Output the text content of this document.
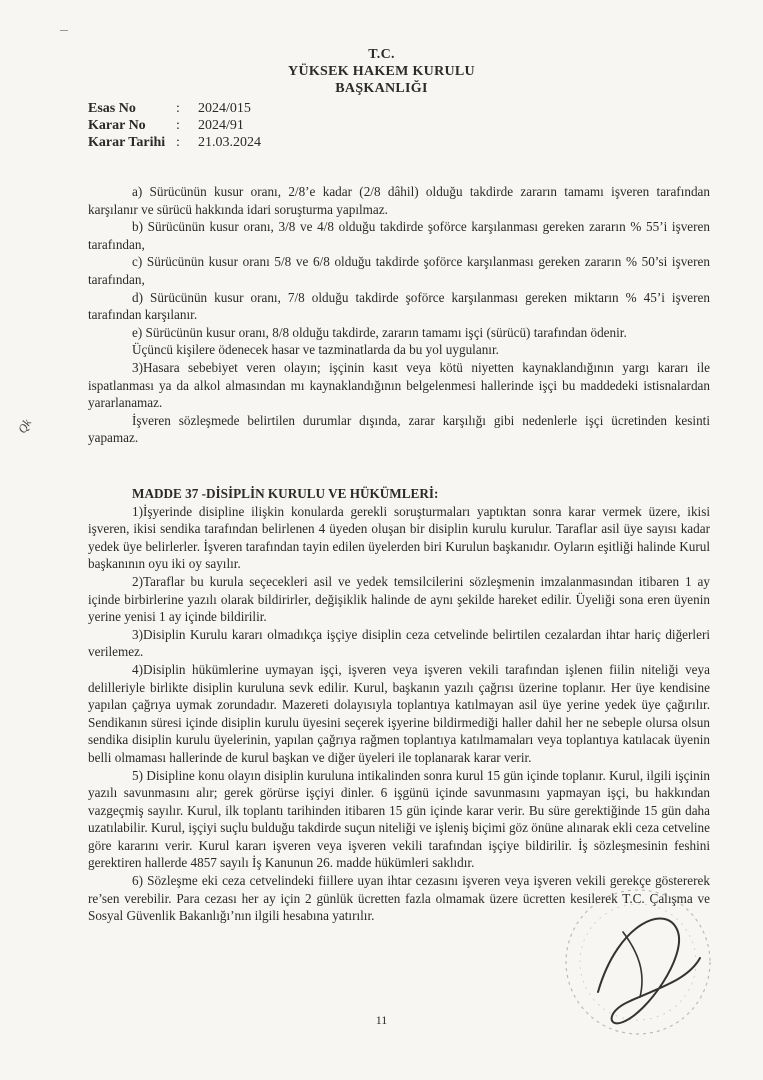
T.C.
YÜKSEK HAKEM KURULU
BAŞKANLIĞI
Esas No	:	2024/015
Karar No	:	2024/91
Karar Tarihi :	21.03.2024

a) Sürücünün kusur oranı, 2/8’e kadar (2/8 dâhil) olduğu takdirde zararın tamamı işveren tarafından karşılanır ve sürücü hakkında idari soruşturma yapılmaz.

b) Sürücünün kusur oranı, 3/8 ve 4/8 olduğu takdirde şoförce karşılanması gereken zararın % 55’i işveren tarafından,

c) Sürücünün kusur oranı 5/8 ve 6/8 olduğu takdirde şoförce karşılanması gereken zararın % 50’si işveren tarafından,

d) Sürücünün kusur oranı, 7/8 olduğu takdirde şoförce karşılanması gereken miktarın % 45’i işveren tarafından karşılanır.

e) Sürücünün kusur oranı, 8/8 olduğu takdirde, zararın tamamı işçi (sürücü) tarafından ödenir.

Üçüncü kişilere ödenecek hasar ve tazminatlarda da bu yol uygulanır.

3)Hasara sebebiyet veren olayın; işçinin kasıt veya kötü niyetten kaynaklandığının yargı kararı ile ispatlanması ya da alkol almasından mı kaynaklandığının belgelenmesi hallerinde işçi bu maddedeki istisnalardan yararlanamaz.

İşveren sözleşmede belirtilen durumlar dışında, zarar karşılığı gibi nedenlerle işçi ücretinden kesinti yapamaz.

MADDE 37 -DİSİPLİN KURULU VE HÜKÜMLERİ:

1)İşyerinde disipline ilişkin konularda gerekli soruşturmaları yaptıktan sonra karar vermek üzere, ikisi işveren, ikisi sendika tarafından belirlenen 4 üyeden oluşan bir disiplin kurulu kurulur. Taraflar asil üye sayısı kadar yedek üye belirlerler. İşveren tarafından tayin edilen üyelerden biri Kurulun başkanıdır. Oyların eşitliği halinde Kurul başkanının oyu iki oy sayılır.

2)Taraflar bu kurula seçecekleri asil ve yedek temsilcilerini sözleşmenin imzalanmasından itibaren 1 ay içinde birbirlerine yazılı olarak bildirirler, değişiklik halinde de aynı şekilde hareket edilir. Üyeliği sona eren üyenin yerine yenisi 1 ay içinde bildirilir.

3)Disiplin Kurulu kararı olmadıkça işçiye disiplin ceza cetvelinde belirtilen cezalardan ihtar hariç diğerleri verilemez.

4)Disiplin hükümlerine uymayan işçi, işveren veya işveren vekili tarafından işlenen fiilin niteliği veya delilleriyle birlikte disiplin kuruluna sevk edilir. Kurul, başkanın yazılı çağrısı üzerine toplanır. Her üye kendisine yapılan çağrıya uymak zorundadır. Mazereti dolayısıyla toplantıya katılmayan asil üye yerine yedek üye çağırılır. Sendikanın süresi içinde disiplin kurulu üyesini seçerek işyerine bildirmediği haller dahil her ne sebeple olursa olsun sendika disiplin kurulu üyelerinin, yapılan çağrıya rağmen toplantıya katılmamaları veya toplantıya katılacak üyenin belli olmaması hallerinde de kurul başkan ve diğer üyeleri ile toplanarak karar verir.

5) Disipline konu olayın disiplin kuruluna intikalinden sonra kurul 15 gün içinde toplanır. Kurul, ilgili işçinin yazılı savunmasını alır; gerek görürse işçiyi dinler. 6 işgünü içinde savunmasını yapmayan işçi, bu hakkından vazgeçmiş sayılır. Kurul, ilk toplantı tarihinden itibaren 15 gün içinde karar verir. Bu süre gerektiğinde 15 gün daha uzatılabilir. Kurul, işçiyi suçlu bulduğu takdirde suçun niteliği ve işleniş biçimi göz önüne alınarak ekli ceza cetveline göre kararını verir. Kurul kararı işveren veya işveren vekili tarafından işçiye bildirilir. İş sözleşmesinin feshini gerektiren hallerde 4857 sayılı İş Kanunun 26. madde hükümleri saklıdır.

6) Sözleşme eki ceza cetvelindeki fiillere uyan ihtar cezasını işveren veya işveren vekili gerekçe göstererek re’sen verebilir. Para cezası her ay için 2 günlük ücretten fazla olmamak üzere ücretten kesilerek T.C. Çalışma ve Sosyal Güvenlik Bakanlığı’nın ilgili hesabına yatırılır.

Qk
11
